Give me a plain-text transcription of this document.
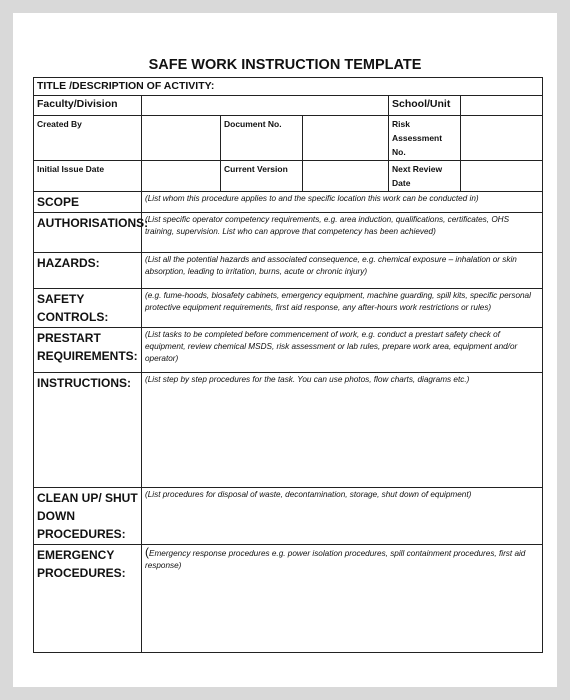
SAFE WORK INSTRUCTION TEMPLATE
TITLE /DESCRIPTION OF ACTIVITY:					
Faculty/Division				School/Unit	
Created By		Document No.		Risk Assessment No.	
Initial Issue Date		Current Version		Next Review Date	
SCOPE	(List whom this procedure applies to and the specific location this work can be conducted in)				
AUTHORISATIONS:	(List specific operator competency requirements, e.g. area induction, qualifications, certificates, OHS training, supervision. List who can approve that competency has been achieved)				
HAZARDS:	(List all the potential hazards and associated consequence, e.g. chemical exposure – inhalation or skin absorption, leading to irritation, burns, acute or chronic injury)				
SAFETY CONTROLS:	(e.g. fume-hoods, biosafety cabinets, emergency equipment, machine guarding, spill kits, specific personal protective equipment requirements, first aid response, any after-hours work restrictions or rules)				
PRESTART REQUIREMENTS:	(List tasks to be completed before commencement of work, e.g. conduct a prestart safety check of equipment, review chemical MSDS, risk assessment or lab rules, prepare work area, equipment and/or operator)				
INSTRUCTIONS:	(List step by step procedures for the task. You can use photos, flow charts, diagrams etc.)				
CLEAN UP/ SHUT DOWN PROCEDURES:	(List procedures for disposal of waste, decontamination, storage, shut down of equipment)				
EMERGENCY PROCEDURES:	(Emergency response procedures e.g. power isolation procedures, spill containment procedures, first aid response)				
